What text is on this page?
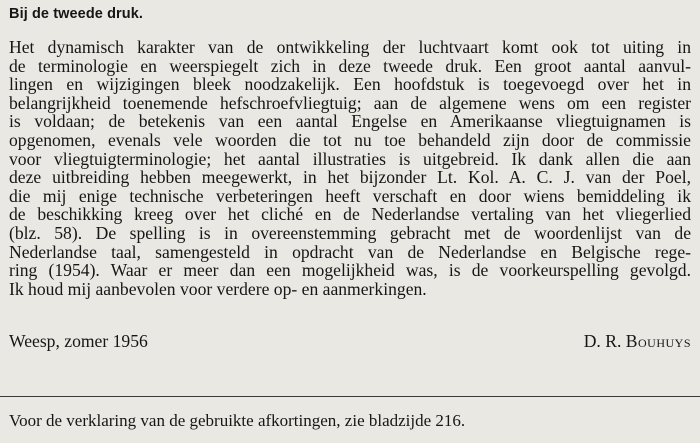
Bij de tweede druk.
Het dynamisch karakter van de ontwikkeling der luchtvaart komt ook tot uiting in
de terminologie en weerspiegelt zich in deze tweede druk. Een groot aantal aanvul-
lingen en wijzigingen bleek noodzakelijk. Een hoofdstuk is toegevoegd over het in
belangrijkheid toenemende hefschroefvliegtuig; aan de algemene wens om een register
is voldaan; de betekenis van een aantal Engelse en Amerikaanse vliegtuignamen is
opgenomen, evenals vele woorden die tot nu toe behandeld zijn door de commissie
voor vliegtuigterminologie; het aantal illustraties is uitgebreid. Ik dank allen die aan
deze uitbreiding hebben meegewerkt, in het bijzonder Lt. Kol. A. C. J. van der Poel,
die mij enige technische verbeteringen heeft verschaft en door wiens bemiddeling ik
de beschikking kreeg over het cliché en de Nederlandse vertaling van het vliegerlied
(blz. 58). De spelling is in overeenstemming gebracht met de woordenlijst van de
Nederlandse taal, samengesteld in opdracht van de Nederlandse en Belgische rege-
ring (1954). Waar er meer dan een mogelijkheid was, is de voorkeurspelling gevolgd.
Ik houd mij aanbevolen voor verdere op- en aanmerkingen.
Weesp, zomer 1956	D. R. Bouhuys
Voor de verklaring van de gebruikte afkortingen, zie bladzijde 216.
